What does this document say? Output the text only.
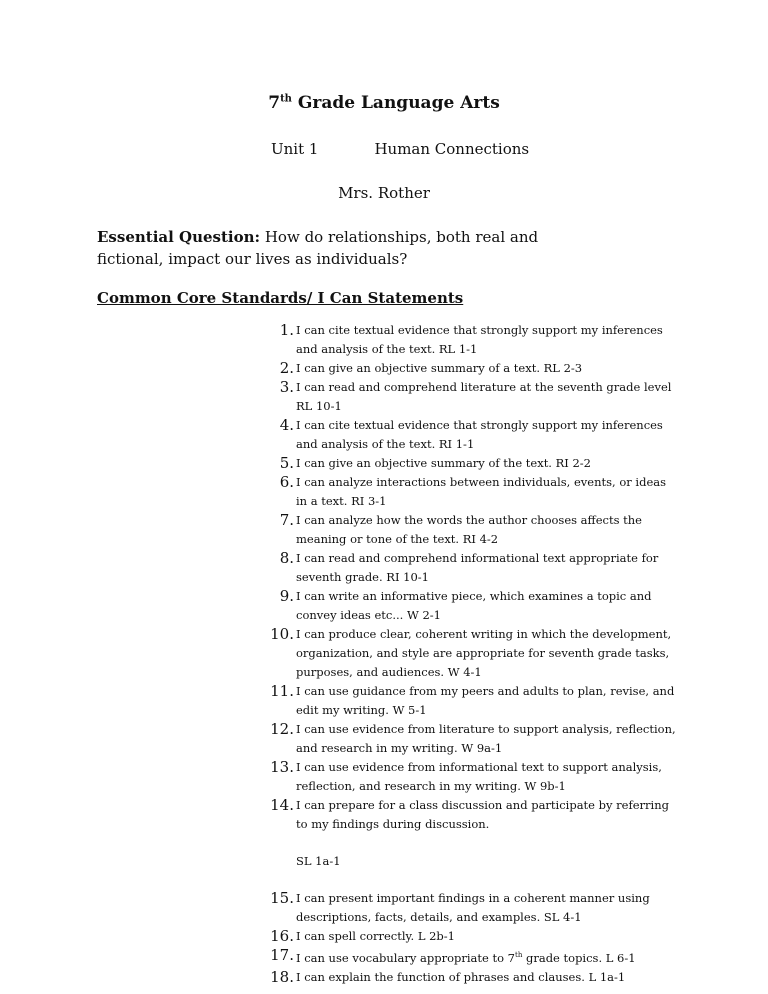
7th Grade Language Arts
Unit 1	Human Connections
Mrs. Rother
Essential Question: How do relationships, both real and fictional, impact our lives as individuals?
Common Core Standards/ I Can Statements
1. I can cite textual evidence that strongly support my inferences and analysis of the text. RL 1-1
2. I can give an objective summary of a text. RL 2-3
3. I can read and comprehend literature at the seventh grade level RL 10-1
4. I can cite textual evidence that strongly support my inferences and analysis of the text. RI 1-1
5. I can give an objective summary of the text. RI 2-2
6. I can analyze interactions between individuals, events, or ideas in a text. RI 3-1
7. I can analyze how the words the author chooses affects the meaning or tone of the text. RI 4-2
8. I can read and comprehend informational text appropriate for seventh grade. RI 10-1
9. I can write an informative piece, which examines a topic and convey ideas etc... W 2-1
10. I can produce clear, coherent writing in which the development, organization, and style are appropriate for seventh grade tasks, purposes, and audiences. W 4-1
11. I can use guidance from my peers and adults to plan, revise, and edit my writing. W 5-1
12. I can use evidence from literature to support analysis, reflection, and research in my writing. W 9a-1
13. I can use evidence from informational text to support analysis, reflection, and research in my writing. W 9b-1
14. I can prepare for a class discussion and participate by referring to my findings during discussion.
SL 1a-1
15. I can present important findings in a coherent manner using descriptions, facts, details, and examples. SL 4-1
16. I can spell correctly. L 2b-1
17. I can use vocabulary appropriate to 7th grade topics. L 6-1
18. I can explain the function of phrases and clauses. L 1a-1
